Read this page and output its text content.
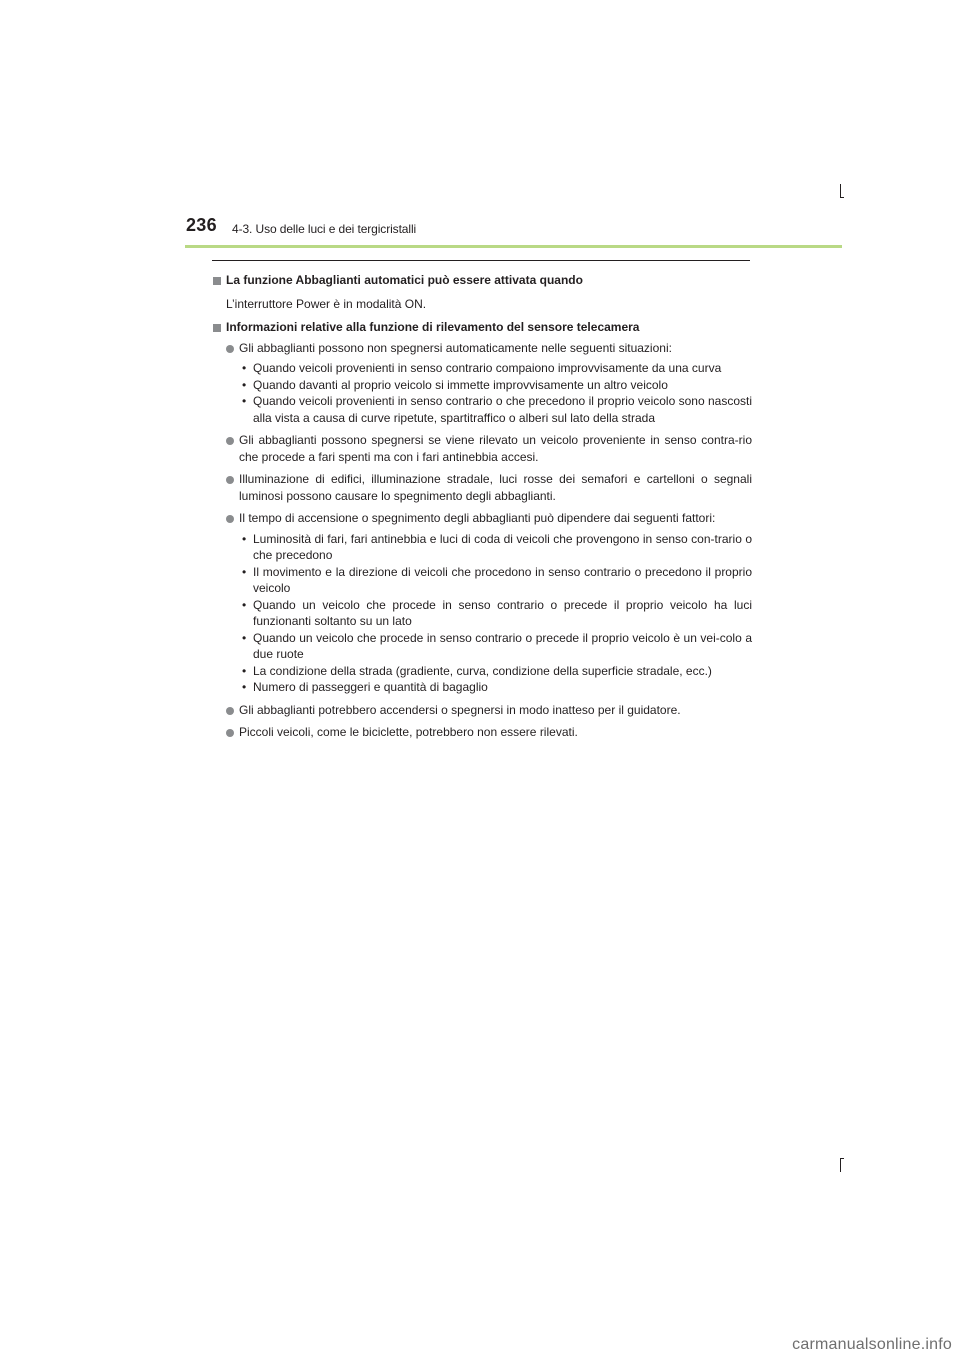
236 4-3. Uso delle luci e dei tergicristalli
La funzione Abbaglianti automatici può essere attivata quando
L’interruttore Power è in modalità ON.
Informazioni relative alla funzione di rilevamento del sensore telecamera
Gli abbaglianti possono non spegnersi automaticamente nelle seguenti situazioni:
• Quando veicoli provenienti in senso contrario compaiono improvvisamente da una curva
• Quando davanti al proprio veicolo si immette improvvisamente un altro veicolo
• Quando veicoli provenienti in senso contrario o che precedono il proprio veicolo sono nascosti alla vista a causa di curve ripetute, spartitraffico o alberi sul lato della strada
Gli abbaglianti possono spegnersi se viene rilevato un veicolo proveniente in senso contra-rio che procede a fari spenti ma con i fari antinebbia accesi.
Illuminazione di edifici, illuminazione stradale, luci rosse dei semafori e cartelloni o segnali luminosi possono causare lo spegnimento degli abbaglianti.
Il tempo di accensione o spegnimento degli abbaglianti può dipendere dai seguenti fattori:
• Luminosità di fari, fari antinebbia e luci di coda di veicoli che provengono in senso con-trario o che precedono
• Il movimento e la direzione di veicoli che procedono in senso contrario o precedono il proprio veicolo
• Quando un veicolo che procede in senso contrario o precede il proprio veicolo ha luci funzionanti soltanto su un lato
• Quando un veicolo che procede in senso contrario o precede il proprio veicolo è un vei-colo a due ruote
• La condizione della strada (gradiente, curva, condizione della superficie stradale, ecc.)
• Numero di passeggeri e quantità di bagaglio
Gli abbaglianti potrebbero accendersi o spegnersi in modo inatteso per il guidatore.
Piccoli veicoli, come le biciclette, potrebbero non essere rilevati.
carmanualsonline.info
